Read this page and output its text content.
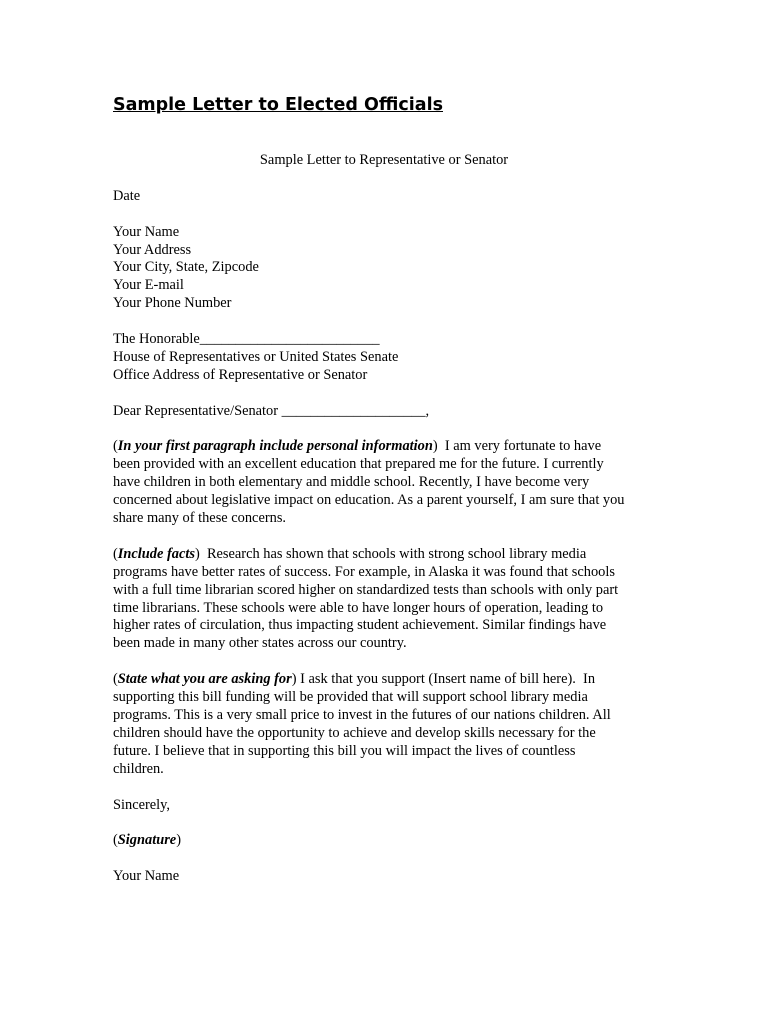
Sample Letter to Elected Officials

Sample Letter to Representative or Senator

Date

Your Name
Your Address
Your City, State, Zipcode
Your E-mail
Your Phone Number
The Honorable_________________________
House of Representatives or United States Senate
Office Address of Representative or Senator

Dear Representative/Senator ____________________,

(In your first paragraph include personal information)  I am very fortunate to have
been provided with an excellent education that prepared me for the future. I currently
have children in both elementary and middle school. Recently, I have become very
concerned about legislative impact on education. As a parent yourself, I am sure that you
share many of these concerns.
(Include facts)  Research has shown that schools with strong school library media
programs have better rates of success. For example, in Alaska it was found that schools
with a full time librarian scored higher on standardized tests than schools with only part
time librarians. These schools were able to have longer hours of operation, leading to
higher rates of circulation, thus impacting student achievement. Similar findings have
been made in many other states across our country.
(State what you are asking for) I ask that you support (Insert name of bill here).  In
supporting this bill funding will be provided that will support school library media
programs. This is a very small price to invest in the futures of our nations children. All
children should have the opportunity to achieve and develop skills necessary for the
future. I believe that in supporting this bill you will impact the lives of countless
children.

Sincerely,

(Signature)

Your Name
